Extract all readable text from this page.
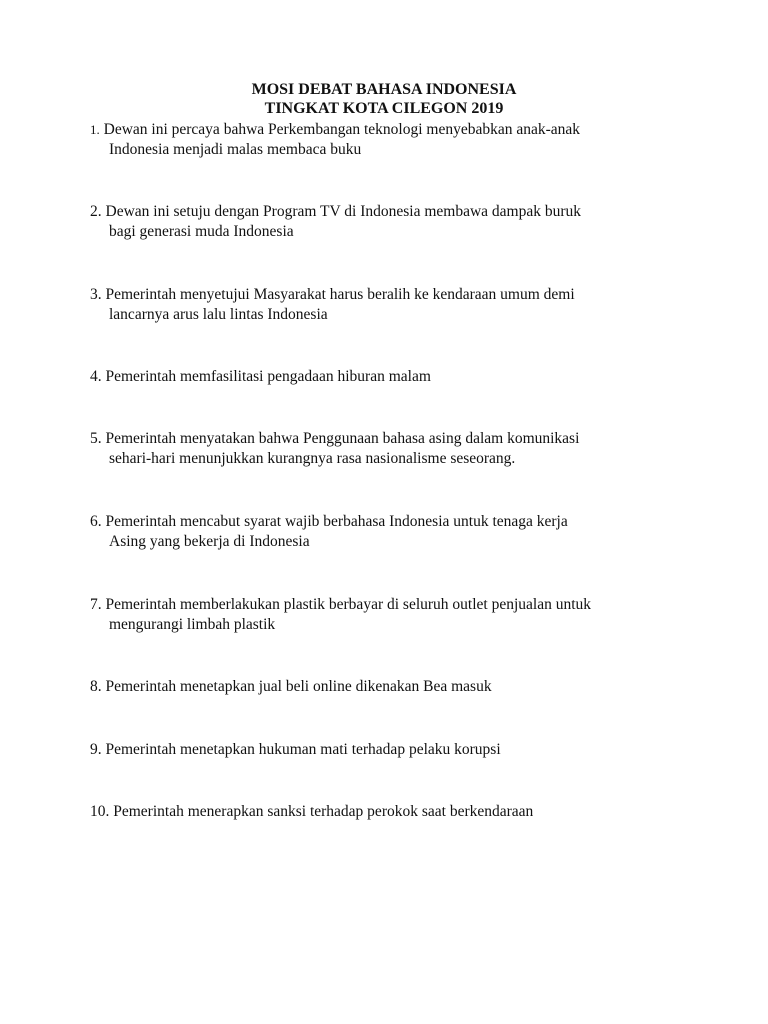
MOSI DEBAT BAHASA INDONESIA
TINGKAT KOTA CILEGON 2019
1. Dewan ini percaya bahwa Perkembangan teknologi menyebabkan anak-anak
Indonesia menjadi malas membaca buku
2. Dewan ini setuju dengan Program TV di Indonesia membawa dampak buruk
bagi generasi muda Indonesia
3. Pemerintah menyetujui Masyarakat harus beralih ke kendaraan umum demi
lancarnya arus lalu lintas Indonesia
4. Pemerintah memfasilitasi pengadaan hiburan malam
5. Pemerintah menyatakan bahwa Penggunaan bahasa asing dalam komunikasi
sehari-hari menunjukkan kurangnya rasa nasionalisme seseorang.
6. Pemerintah mencabut syarat wajib berbahasa Indonesia untuk tenaga kerja
Asing yang bekerja di Indonesia
7. Pemerintah memberlakukan plastik berbayar di seluruh outlet penjualan untuk
mengurangi limbah plastik
8. Pemerintah menetapkan jual beli online dikenakan Bea masuk
9. Pemerintah menetapkan hukuman mati terhadap pelaku korupsi
10. Pemerintah menerapkan sanksi terhadap perokok saat berkendaraan
